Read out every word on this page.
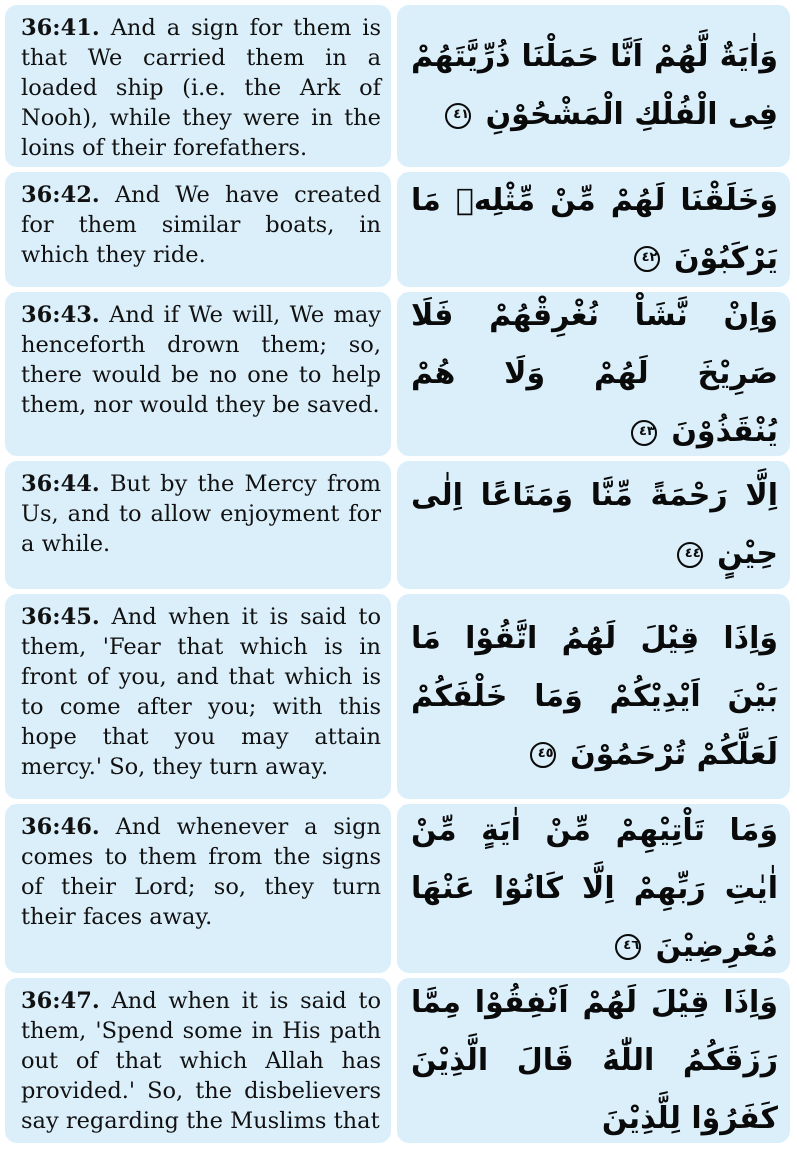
36:41. And a sign for them is that We carried them in a loaded ship (i.e. the Ark of Nooh), while they were in the loins of their forefathers.

وَاٰيَةٌ لَّهُمْ اَنَّا حَمَلْنَا ذُرِّيَّتَهُمْ فِى الْفُلْكِ الْمَشْحُوْنِ ٤١

36:42. And We have created for them similar boats, in which they ride.

وَخَلَقْنَا لَهُمْ مِّنْ مِّثْلِهٖ مَا يَرْكَبُوْنَ ٤٢

36:43. And if We will, We may henceforth drown them; so, there would be no one to help them, nor would they be saved.

وَاِنْ نَّشَاْ نُغْرِقْهُمْ فَلَا صَرِيْخَ لَهُمْ وَلَا هُمْ يُنْقَذُوْنَ ٤٣

36:44. But by the Mercy from Us, and to allow enjoyment for a while.

اِلَّا رَحْمَةً مِّنَّا وَمَتَاعًا اِلٰى حِيْنٍ ٤٤

36:45. And when it is said to them, 'Fear that which is in front of you, and that which is to come after you; with this hope that you may attain mercy.' So, they turn away.

وَاِذَا قِيْلَ لَهُمُ اتَّقُوْا مَا بَيْنَ اَيْدِيْكُمْ وَمَا خَلْفَكُمْ لَعَلَّكُمْ تُرْحَمُوْنَ ٤٥

36:46. And whenever a sign comes to them from the signs of their Lord; so, they turn their faces away.

وَمَا تَاْتِيْهِمْ مِّنْ اٰيَةٍ مِّنْ اٰيٰتِ رَبِّهِمْ اِلَّا كَانُوْا عَنْهَا مُعْرِضِيْنَ ٤٦

36:47. And when it is said to them, 'Spend some in His path out of that which Allah has provided.' So, the disbelievers say regarding the Muslims that

وَاِذَا قِيْلَ لَهُمْ اَنْفِقُوْا مِمَّا رَزَقَكُمُ اللّٰهُ قَالَ الَّذِيْنَ كَفَرُوْا لِلَّذِيْنَ
